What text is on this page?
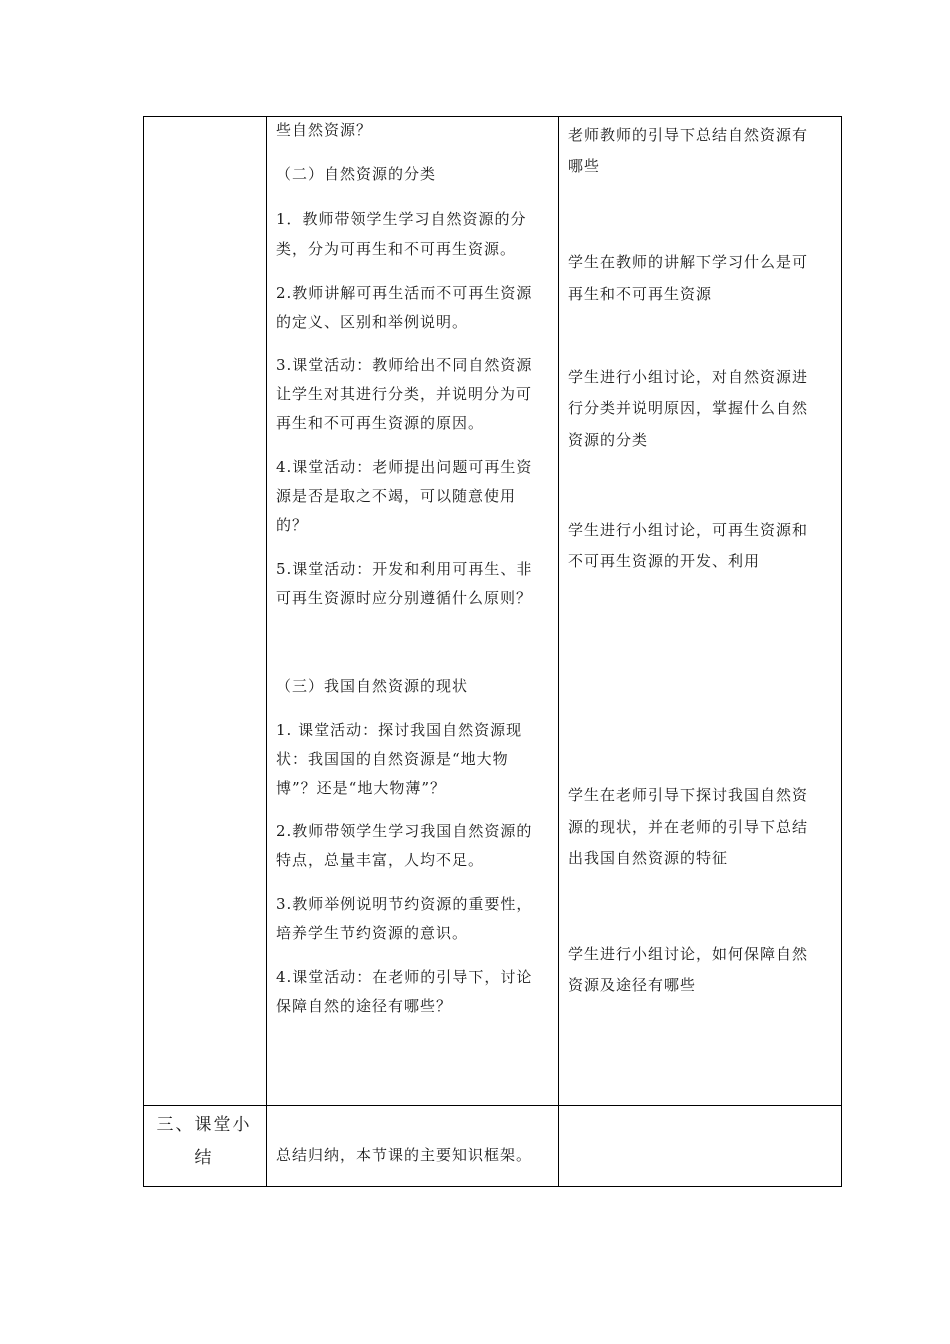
些自然资源？

（二）自然资源的分类

1．教师带领学生学习自然资源的分

类，分为可再生和不可再生资源。

2.教师讲解可再生活而不可再生资源

的定义、区别和举例说明。

3.课堂活动：教师给出不同自然资源

让学生对其进行分类，并说明分为可

再生和不可再生资源的原因。

4.课堂活动：老师提出问题可再生资

源是否是取之不竭，可以随意使用

的？

5.课堂活动：开发和利用可再生、非

可再生资源时应分别遵循什么原则？

（三）我国自然资源的现状

1. 课堂活动：探讨我国自然资源现

状：我国国的自然资源是“地大物

博”？还是“地大物薄”？

2.教师带领学生学习我国自然资源的

特点，总量丰富，人均不足。

3.教师举例说明节约资源的重要性，

培养学生节约资源的意识。

4.课堂活动：在老师的引导下，讨论

保障自然的途径有哪些？

老师教师的引导下总结自然资源有

哪些

学生在教师的讲解下学习什么是可

再生和不可再生资源

学生进行小组讨论，对自然资源进

行分类并说明原因，掌握什么自然

资源的分类

学生进行小组讨论，可再生资源和

不可再生资源的开发、利用

学生在老师引导下探讨我国自然资

源的现状，并在老师的引导下总结

出我国自然资源的特征

学生进行小组讨论，如何保障自然

资源及途径有哪些

三、课堂小
结	总结归纳，本节课的主要知识框架。
